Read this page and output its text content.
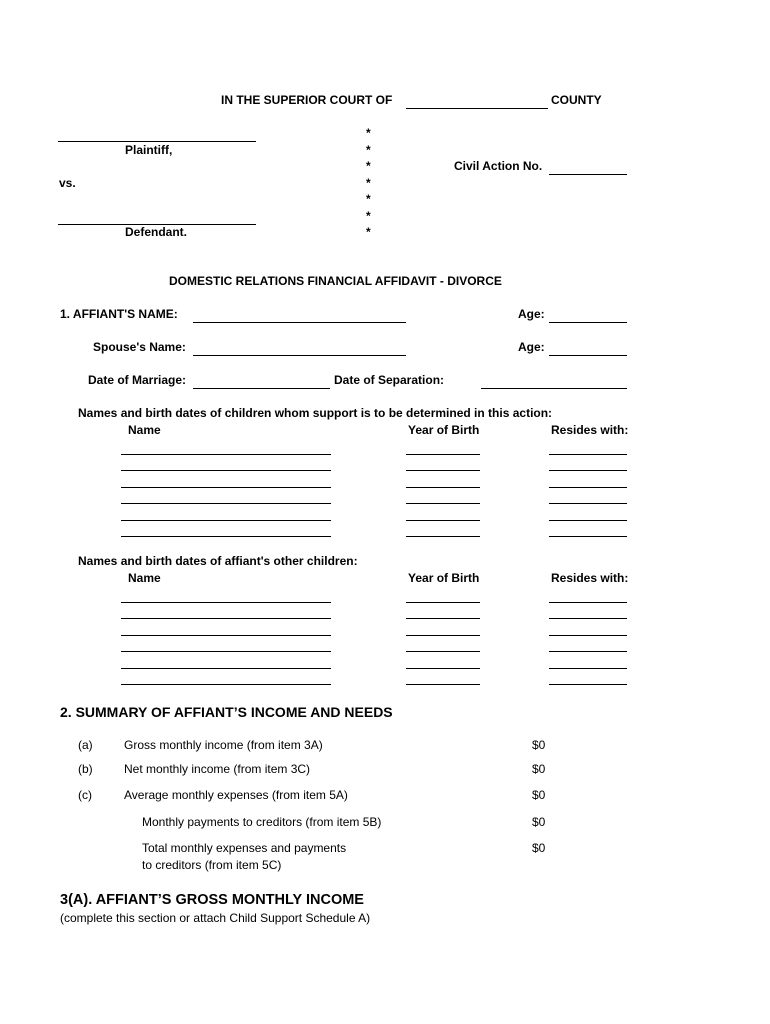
IN THE SUPERIOR COURT OF	COUNTY
Plaintiff,
vs.
Defendant.
*
*
*
*
*
*
*
Civil Action No.
DOMESTIC RELATIONS FINANCIAL AFFIDAVIT - DIVORCE
1. AFFIANT'S NAME:	Age:
Spouse's Name:	Age:
Date of Marriage:	Date of Separation:
Names and birth dates of children whom support is to be determined in this action:
Name	Year of Birth	Resides with:
Names and birth dates of affiant's other children:
Name	Year of Birth	Resides with:
2. SUMMARY OF AFFIANT’S INCOME AND NEEDS
(a)	Gross monthly income (from item 3A)	$0
(b)	Net monthly income (from item 3C)	$0
(c)	Average monthly expenses (from item 5A)	$0
Monthly payments to creditors (from item 5B)	$0
Total monthly expenses and payments
to creditors (from item 5C)
$0
3(A). AFFIANT’S GROSS MONTHLY INCOME
(complete this section or attach Child Support Schedule A)
